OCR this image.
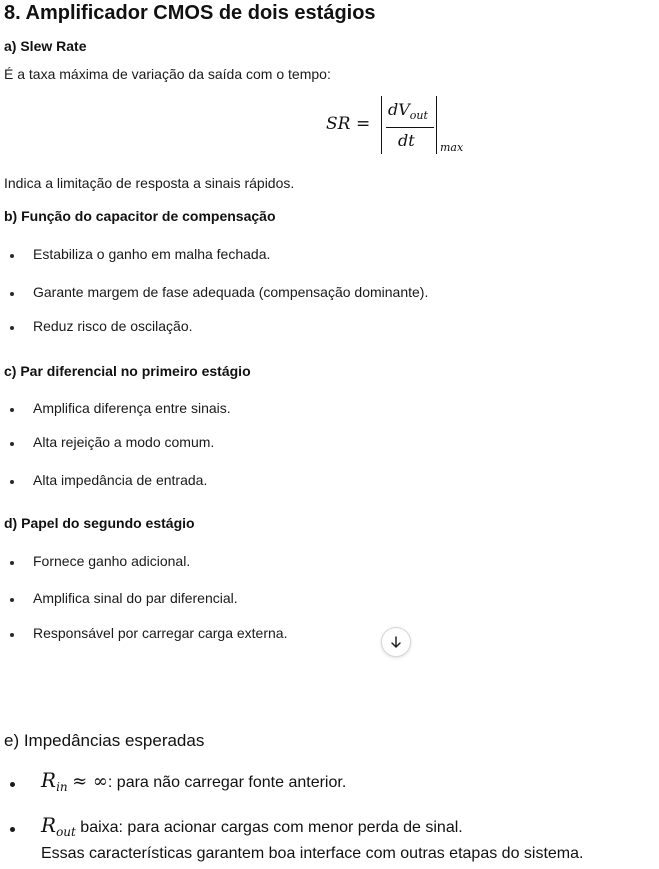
8. Amplificador CMOS de dois estágios
a) Slew Rate
É a taxa máxima de variação da saída com o tempo:
SR =
$dV_{out}$
dt max
Indica a limitação de resposta a sinais rápidos.
b) Função do capacitor de compensação
Estabiliza o ganho em malha fechada.
Garante margem de fase adequada (compensação dominante).
Reduz risco de oscilação.
c) Par diferencial no primeiro estágio
Amplifica diferença entre sinais.
Alta rejeição a modo comum.
Alta impedância de entrada.
d) Papel do segundo estágio
Fornece ganho adicional.
Amplifica sinal do par diferencial.
Responsável por carregar carga externa.
e) Impedâncias esperadas
$R_{in}$ ≈ ∞: para não carregar fonte anterior.
$R_{out}$ baixa: para acionar cargas com menor perda de sinal.
Essas características garantem boa interface com outras etapas do sistema.
